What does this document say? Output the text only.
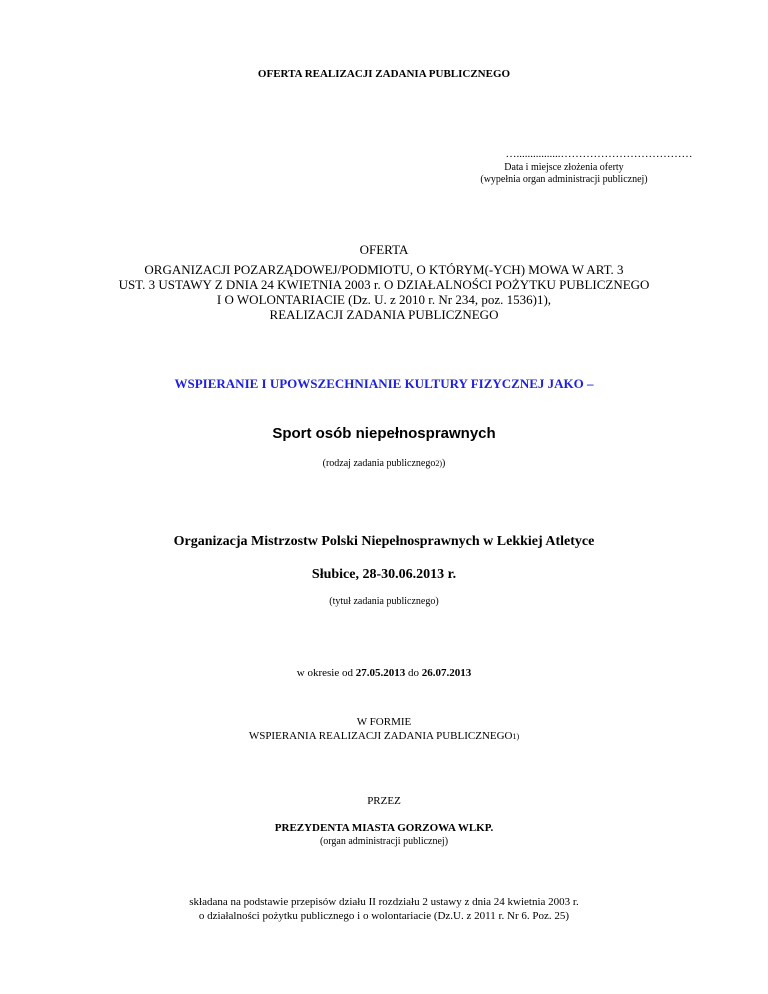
OFERTA REALIZACJI ZADANIA PUBLICZNEGO
…................………………………………
Data i miejsce złożenia oferty
(wypełnia organ administracji publicznej)
OFERTA
ORGANIZACJI POZARZĄDOWEJ/PODMIOTU, O KTÓRYM(-YCH) MOWA W ART. 3
UST. 3 USTAWY Z DNIA 24 KWIETNIA 2003 r. O DZIAŁALNOŚCI POŻYTKU PUBLICZNEGO
I O WOLONTARIACIE (Dz. U. z 2010 r. Nr 234, poz. 1536)1),
REALIZACJI ZADANIA PUBLICZNEGO
WSPIERANIE I UPOWSZECHNIANIE KULTURY FIZYCZNEJ JAKO –
Sport osób niepełnosprawnych
(rodzaj zadania publicznego2))
Organizacja Mistrzostw Polski Niepełnosprawnych w Lekkiej Atletyce
Słubice, 28-30.06.2013 r.
(tytuł zadania publicznego)
w okresie od 27.05.2013 do 26.07.2013
W FORMIE
WSPIERANIA REALIZACJI ZADANIA PUBLICZNEGO1)
PRZEZ
PREZYDENTA MIASTA GORZOWA WLKP.
(organ administracji publicznej)
składana na podstawie przepisów działu II rozdziału 2 ustawy z dnia 24 kwietnia 2003 r.
o działalności pożytku publicznego i o wolontariacie (Dz.U. z 2011 r. Nr 6. Poz. 25)
